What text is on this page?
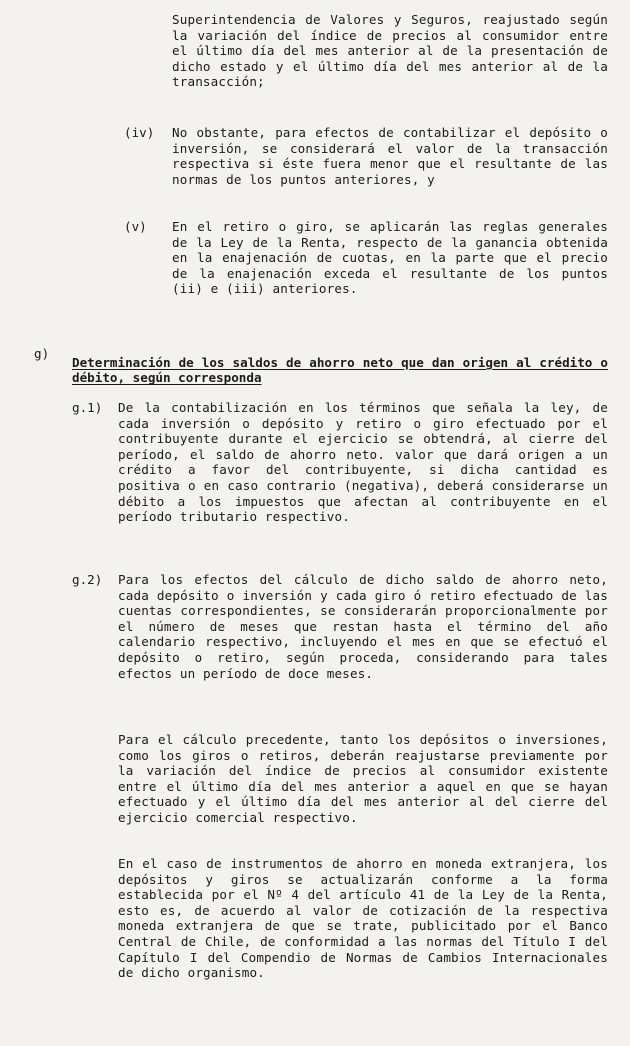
Superintendencia de Valores y Seguros, reajustado según la variación del índice de precios al consumidor entre el último día del mes anterior al de la presentación de dicho estado y el último día del mes anterior al de la transacción;

(iv) No obstante, para efectos de contabilizar el depósito o inversión, se considerará el valor de la transacción respectiva si éste fuera menor que el resultante de las normas de los puntos anteriores, y

(v) En el retiro o giro, se aplicarán las reglas generales de la Ley de la Renta, respecto de la ganancia obtenida en la enajenación de cuotas, en la parte que el precio de la enajenación exceda el resultante de los puntos (ii) e (iii) anteriores.

g)

Determinación de los saldos de ahorro neto que dan origen al crédito o débito, según corresponda

g.1) De la contabilización en los términos que señala la ley, de cada inversión o depósito y retiro o giro efectuado por el contribuyente durante el ejercicio se obtendrá, al cierre del período, el saldo de ahorro neto. valor que dará origen a un crédito a favor del contribuyente, si dicha cantidad es positiva o en caso contrario (negativa), deberá considerarse un débito a los impuestos que afectan al contribuyente en el período tributario respectivo.

g.2) Para los efectos del cálculo de dicho saldo de ahorro neto, cada depósito o inversión y cada giro ó retiro efectuado de las cuentas correspondientes, se considerarán proporcionalmente por el número de meses que restan hasta el término del año calendario respectivo, incluyendo el mes en que se efectuó el depósito o retiro, según proceda, considerando para tales efectos un período de doce meses.

Para el cálculo precedente, tanto los depósitos o inversiones, como los giros o retiros, deberán reajustarse previamente por la variación del índice de precios al consumidor existente entre el último día del mes anterior a aquel en que se hayan efectuado y el último día del mes anterior al del cierre del ejercicio comercial respectivo.

En el caso de instrumentos de ahorro en moneda extranjera, los depósitos y giros se actualizarán conforme a la forma establecida por el Nº 4 del artículo 41 de la Ley de la Renta, esto es, de acuerdo al valor de cotización de la respectiva moneda extranjera de que se trate, publicitado por el Banco Central de Chile, de conformidad a las normas del Título I del Capítulo I del Compendio de Normas de Cambios Internacionales de dicho organismo.
